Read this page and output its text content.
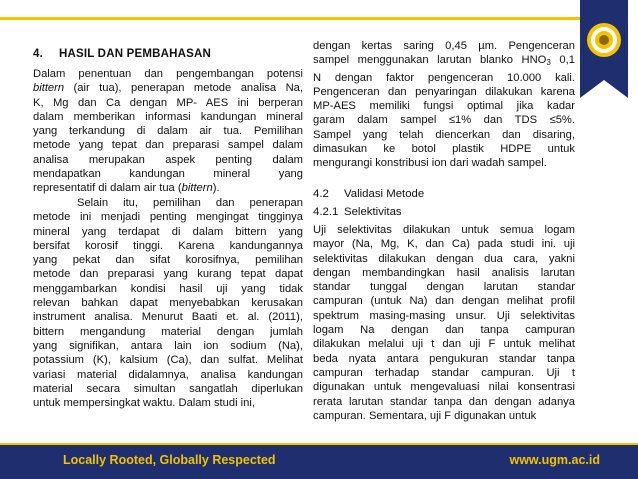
4. HASIL DAN PEMBAHASAN

Dalam penentuan dan pengembangan potensi
bittern (air tua), penerapan metode analisa Na,
K, Mg dan Ca dengan MP- AES ini berperan
dalam memberikan informasi kandungan mineral
yang terkandung di dalam air tua. Pemilihan
metode yang tepat dan preparasi sampel dalam
analisa merupakan aspek penting dalam
mendapatkan kandungan mineral yang
representatif di dalam air tua (bittern).

Selain itu, pemilihan dan penerapan
metode ini menjadi penting mengingat tingginya
mineral yang terdapat di dalam bittern yang
bersifat korosif tinggi. Karena kandungannya
yang pekat dan sifat korosifnya, pemilihan
metode dan preparasi yang kurang tepat dapat
menggambarkan kondisi hasil uji yang tidak
relevan bahkan dapat menyebabkan kerusakan
instrument analisa. Menurut Baati et. al. (2011),
bittern mengandung material dengan jumlah
yang signifikan, antara lain ion sodium (Na),
potassium (K), kalsium (Ca), dan sulfat. Melihat
variasi material didalamnya, analisa kandungan
material secara simultan sangatlah diperlukan
untuk mempersingkat waktu. Dalam studi ini,

dengan kertas saring 0,45 µm. Pengenceran
sampel menggunakan larutan blanko $HNO_3$ 0,1
N dengan faktor pengenceran 10.000 kali.
Pengenceran dan penyaringan dilakukan karena
MP-AES memiliki fungsi optimal jika kadar
garam dalam sampel ≤1% dan TDS ≤5%.
Sampel yang telah diencerkan dan disaring,
dimasukan ke botol plastik HDPE untuk
mengurangi konstribusi ion dari wadah sampel.

4.2 Validasi Metode
4.2.1 Selektivitas

Uji selektivitas dilakukan untuk semua logam
mayor (Na, Mg, K, dan Ca) pada studi ini. uji
selektivitas dilakukan dengan dua cara, yakni
dengan membandingkan hasil analisis larutan
standar tunggal dengan larutan standar
campuran (untuk Na) dan dengan melihat profil
spektrum masing-masing unsur. Uji selektivitas
logam Na dengan dan tanpa campuran
dilakukan melalui uji t dan uji F untuk melihat
beda nyata antara pengukuran standar tanpa
campuran terhadap standar campuran. Uji t
digunakan untuk mengevaluasi nilai konsentrasi
rerata larutan standar tanpa dan dengan adanya
campuran. Sementara, uji F digunakan untuk

Locally Rooted, Globally Respected	www.ugm.ac.id
